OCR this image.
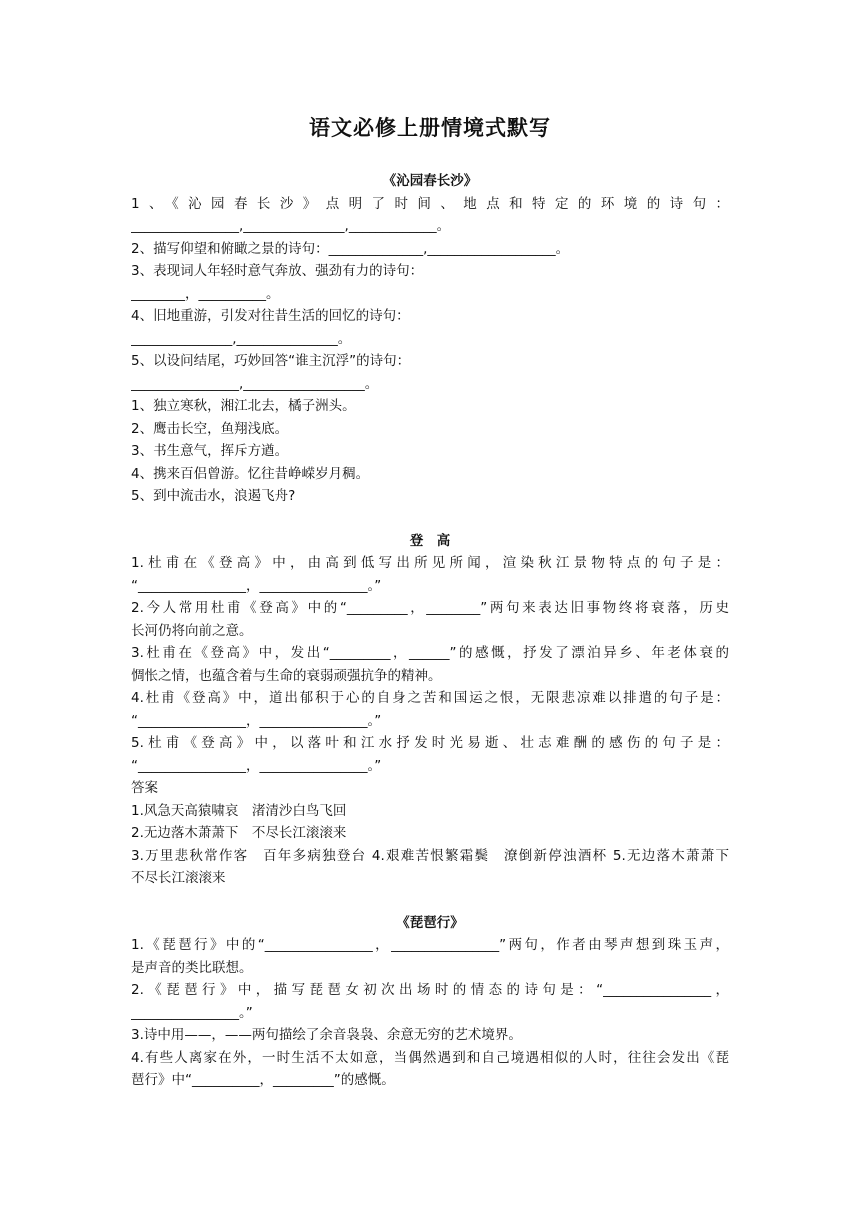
语文必修上册情境式默写
《沁园春长沙》
1、《沁园春长沙》点明了时间、地点和特定的环境的诗句：
________________,_______________,_____________。
2、描写仰望和俯瞰之景的诗句：______________,___________________。
3、表现词人年轻时意气奔放、强劲有力的诗句：
________，__________。
4、旧地重游，引发对往昔生活的回忆的诗句：
_______________,_______________。
5、以设问结尾，巧妙回答“谁主沉浮”的诗句：
________________,__________________。
1、独立寒秋，湘江北去，橘子洲头。
2、鹰击长空，鱼翔浅底。
3、书生意气，挥斥方遒。
4、携来百侣曾游。忆往昔峥嵘岁月稠。
5、到中流击水，浪遏飞舟?
登　高
1.杜甫在《登高》中，由高到低写出所见所闻，渲染秋江景物特点的句子是：
“________________，________________。”
2.今人常用杜甫《登高》中的“_________，________”两句来表达旧事物终将衰落，历史
长河仍将向前之意。
3.杜甫在《登高》中，发出“_________，______”的感慨，抒发了漂泊异乡、年老体衰的
惆怅之情，也蕴含着与生命的衰弱顽强抗争的精神。
4.杜甫《登高》中，道出郁积于心的自身之苦和国运之恨，无限悲凉难以排遣的句子是：
“________________，________________。”
5.杜甫《登高》中，以落叶和江水抒发时光易逝、壮志难酬的感伤的句子是：
“________________，________________。”
答案
1.风急天高猿啸哀　渚清沙白鸟飞回
2.无边落木萧萧下　不尽长江滚滚来
3.万里悲秋常作客　百年多病独登台 4.艰难苦恨繁霜鬓　潦倒新停浊酒杯 5.无边落木萧萧下
不尽长江滚滚来
《琵琶行》
1.《琵琶行》中的“________________，________________”两句，作者由琴声想到珠玉声，
是声音的类比联想。
2.《琵琶行》中，描写琵琶女初次出场时的情态的诗句是：“________________，
________________。”
3.诗中用——，——两句描绘了余音袅袅、余意无穷的艺术境界。
4.有些人离家在外，一时生活不太如意，当偶然遇到和自己境遇相似的人时，往往会发出《琵
琶行》中“__________，_________”的感慨。
